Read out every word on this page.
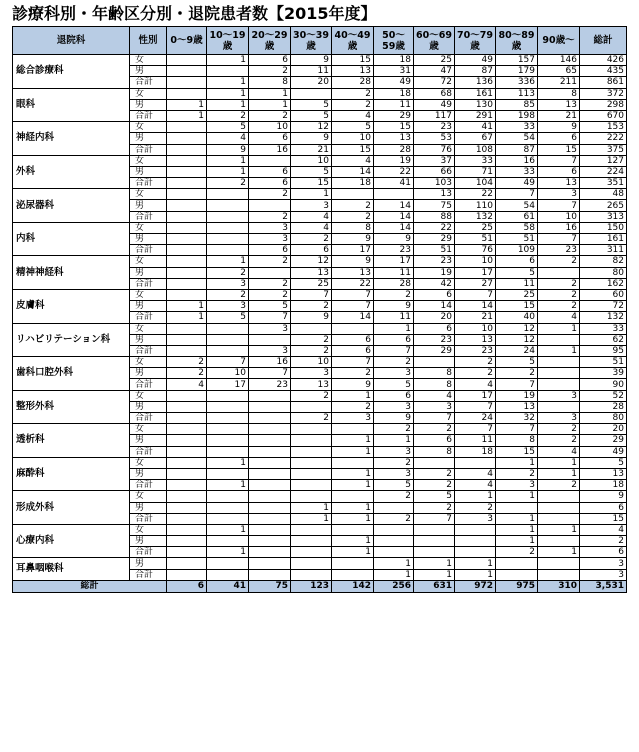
診療科別・年齢区分別・退院患者数【2015年度】
退院科	性別	0〜9歳	10〜19歳	20〜29歳	30〜39歳	40〜49歳	50〜59歳	60〜69歳	70〜79歳	80〜89歳	90歳〜	総計
総合診療科	女		1	6	9	15	18	25	49	157	146	426
	男			2	11	13	31	47	87	179	65	435
	合計		1	8	20	28	49	72	136	336	211	861
眼科	女		1	1		2	18	68	161	113	8	372
	男	1	1	1	5	2	11	49	130	85	13	298
	合計	1	2	2	5	4	29	117	291	198	21	670
神経内科	女		5	10	12	5	15	23	41	33	9	153
	男		4	6	9	10	13	53	67	54	6	222
	合計		9	16	21	15	28	76	108	87	15	375
外科	女		1		10	4	19	37	33	16	7	127
	男		1	6	5	14	22	66	71	33	6	224
	合計		2	6	15	18	41	103	104	49	13	351
泌尿器科	女			2	1			13	22	7	3	48
	男				3	2	14	75	110	54	7	265
	合計			2	4	2	14	88	132	61	10	313
内科	女			3	4	8	14	22	25	58	16	150
	男			3	2	9	9	29	51	51	7	161
	合計			6	6	17	23	51	76	109	23	311
精神神経科	女		1	2	12	9	17	23	10	6	2	82
	男		2		13	13	11	19	17	5		80
	合計		3	2	25	22	28	42	27	11	2	162
皮膚科	女		2	2	7	7	2	6	7	25	2	60
	男	1	3	5	2	7	9	14	14	15	2	72
	合計	1	5	7	9	14	11	20	21	40	4	132
リハビリテーション科	女			3			1	6	10	12	1	33
	男				2	6	6	23	13	12		62
	合計			3	2	6	7	29	23	24	1	95
歯科口腔外科	女	2	7	16	10	7	2		2	5		51
	男	2	10	7	3	2	3	8	2	2		39
	合計	4	17	23	13	9	5	8	4	7		90
整形外科	女				2	1	6	4	17	19	3	52
	男					2	3	3	7	13		28
	合計				2	3	9	7	24	32	3	80
透析科	女						2	2	7	7	2	20
	男					1	1	6	11	8	2	29
	合計					1	3	8	18	15	4	49
麻酔科	女		1				2			1	1	5
	男					1	3	2	4	2	1	13
	合計		1			1	5	2	4	3	2	18
形成外科	女						2	5	1	1		9
	男				1	1		2	2			6
	合計				1	1	2	7	3	1		15
心療内科	女		1							1	1	4
	男					1				1		2
	合計		1			1				2	1	6
耳鼻咽喉科	男						1	1	1			3
	合計						1	1	1			3
総計		6	41	75	123	142	256	631	972	975	310	3,531
